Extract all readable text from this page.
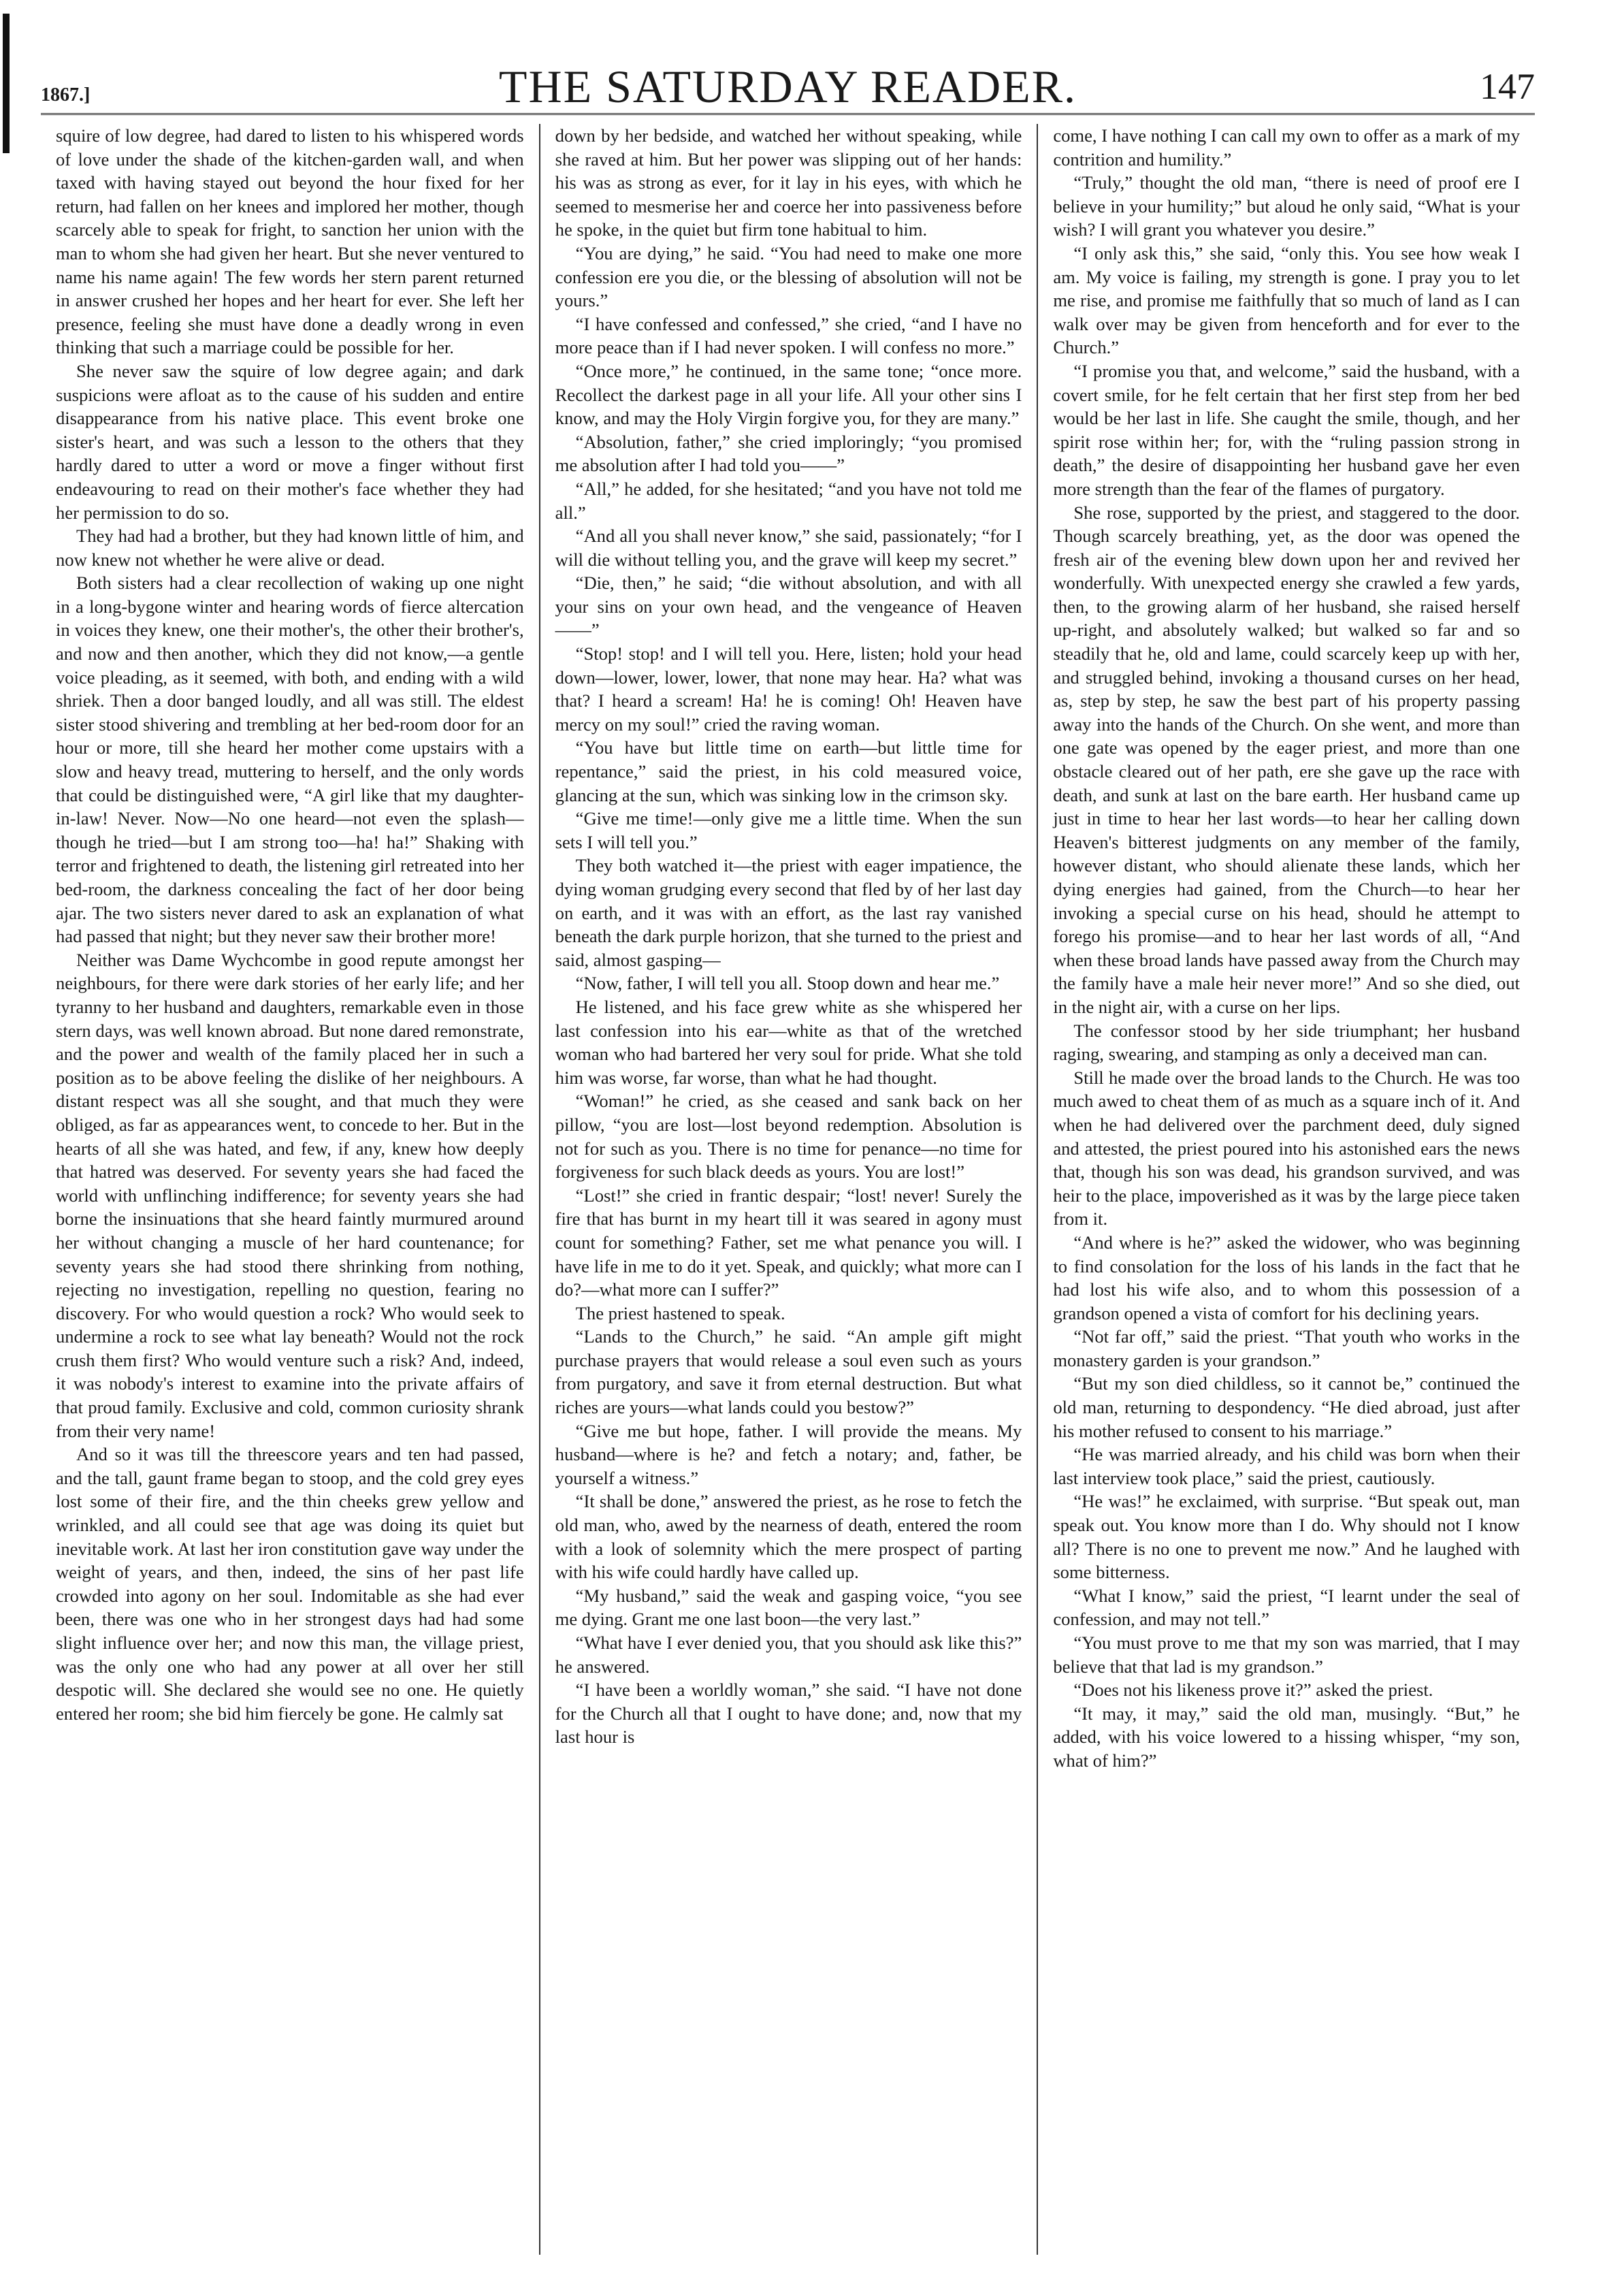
1867.]	THE SATURDAY READER.	147

squire of low degree, had dared to listen to his whispered words of love under the shade of the kitchen-garden wall, and when taxed with having stayed out beyond the hour fixed for her return, had fallen on her knees and implored her mother, though scarcely able to speak for fright, to sanction her union with the man to whom she had given her heart. But she never ventured to name his name again! The few words her stern parent returned in answer crushed her hopes and her heart for ever. She left her presence, feeling she must have done a deadly wrong in even thinking that such a marriage could be possible for her.

She never saw the squire of low degree again; and dark suspicions were afloat as to the cause of his sudden and entire disappearance from his native place. This event broke one sister's heart, and was such a lesson to the others that they hardly dared to utter a word or move a finger without first endeavouring to read on their mother's face whether they had her permission to do so.

They had had a brother, but they had known little of him, and now knew not whether he were alive or dead.

Both sisters had a clear recollection of waking up one night in a long-bygone winter and hearing words of fierce altercation in voices they knew, one their mother's, the other their brother's, and now and then another, which they did not know,—a gentle voice pleading, as it seemed, with both, and ending with a wild shriek. Then a door banged loudly, and all was still. The eldest sister stood shivering and trembling at her bed-room door for an hour or more, till she heard her mother come upstairs with a slow and heavy tread, muttering to herself, and the only words that could be distinguished were, “A girl like that my daughter-in-law! Never. Now—No one heard—not even the splash—though he tried—but I am strong too—ha! ha!” Shaking with terror and frightened to death, the listening girl retreated into her bed-room, the darkness concealing the fact of her door being ajar. The two sisters never dared to ask an explanation of what had passed that night; but they never saw their brother more!

Neither was Dame Wychcombe in good repute amongst her neighbours, for there were dark stories of her early life; and her tyranny to her husband and daughters, remarkable even in those stern days, was well known abroad. But none dared remonstrate, and the power and wealth of the family placed her in such a position as to be above feeling the dislike of her neighbours. A distant respect was all she sought, and that much they were obliged, as far as appearances went, to concede to her. But in the hearts of all she was hated, and few, if any, knew how deeply that hatred was deserved. For seventy years she had faced the world with unflinching indifference; for seventy years she had borne the insinuations that she heard faintly murmured around her without changing a muscle of her hard countenance; for seventy years she had stood there shrinking from nothing, rejecting no investigation, repelling no question, fearing no discovery. For who would question a rock? Who would seek to undermine a rock to see what lay beneath? Would not the rock crush them first? Who would venture such a risk? And, indeed, it was nobody's interest to examine into the private affairs of that proud family. Exclusive and cold, common curiosity shrank from their very name!

And so it was till the threescore years and ten had passed, and the tall, gaunt frame began to stoop, and the cold grey eyes lost some of their fire, and the thin cheeks grew yellow and wrinkled, and all could see that age was doing its quiet but inevitable work. At last her iron constitution gave way under the weight of years, and then, indeed, the sins of her past life crowded into agony on her soul. Indomitable as she had ever been, there was one who in her strongest days had had some slight influence over her; and now this man, the village priest, was the only one who had any power at all over her still despotic will. She declared she would see no one. He quietly entered her room; she bid him fiercely be gone. He calmly sat

down by her bedside, and watched her without speaking, while she raved at him. But her power was slipping out of her hands: his was as strong as ever, for it lay in his eyes, with which he seemed to mesmerise her and coerce her into passiveness before he spoke, in the quiet but firm tone habitual to him.

“You are dying,” he said. “You had need to make one more confession ere you die, or the blessing of absolution will not be yours.”

“I have confessed and confessed,” she cried, “and I have no more peace than if I had never spoken. I will confess no more.”

“Once more,” he continued, in the same tone; “once more. Recollect the darkest page in all your life. All your other sins I know, and may the Holy Virgin forgive you, for they are many.”

“Absolution, father,” she cried imploringly; “you promised me absolution after I had told you——”

“All,” he added, for she hesitated; “and you have not told me all.”

“And all you shall never know,” she said, passionately; “for I will die without telling you, and the grave will keep my secret.”

“Die, then,” he said; “die without absolution, and with all your sins on your own head, and the vengeance of Heaven——”

“Stop! stop! and I will tell you. Here, listen; hold your head down—lower, lower, lower, that none may hear. Ha? what was that? I heard a scream! Ha! he is coming! Oh! Heaven have mercy on my soul!” cried the raving woman.

“You have but little time on earth—but little time for repentance,” said the priest, in his cold measured voice, glancing at the sun, which was sinking low in the crimson sky.

“Give me time!—only give me a little time. When the sun sets I will tell you.”

They both watched it—the priest with eager impatience, the dying woman grudging every second that fled by of her last day on earth, and it was with an effort, as the last ray vanished beneath the dark purple horizon, that she turned to the priest and said, almost gasping—

“Now, father, I will tell you all. Stoop down and hear me.”

He listened, and his face grew white as she whispered her last confession into his ear—white as that of the wretched woman who had bartered her very soul for pride. What she told him was worse, far worse, than what he had thought.

“Woman!” he cried, as she ceased and sank back on her pillow, “you are lost—lost beyond redemption. Absolution is not for such as you. There is no time for penance—no time for forgiveness for such black deeds as yours. You are lost!”

“Lost!” she cried in frantic despair; “lost! never! Surely the fire that has burnt in my heart till it was seared in agony must count for something? Father, set me what penance you will. I have life in me to do it yet. Speak, and quickly; what more can I do?—what more can I suffer?”

The priest hastened to speak.

“Lands to the Church,” he said. “An ample gift might purchase prayers that would release a soul even such as yours from purgatory, and save it from eternal destruction. But what riches are yours—what lands could you bestow?”

“Give me but hope, father. I will provide the means. My husband—where is he? and fetch a notary; and, father, be yourself a witness.”

“It shall be done,” answered the priest, as he rose to fetch the old man, who, awed by the nearness of death, entered the room with a look of solemnity which the mere prospect of parting with his wife could hardly have called up.

“My husband,” said the weak and gasping voice, “you see me dying. Grant me one last boon—the very last.”

“What have I ever denied you, that you should ask like this?” he answered.

“I have been a worldly woman,” she said. “I have not done for the Church all that I ought to have done; and, now that my last hour is

come, I have nothing I can call my own to offer as a mark of my contrition and humility.”

“Truly,” thought the old man, “there is need of proof ere I believe in your humility;” but aloud he only said, “What is your wish? I will grant you whatever you desire.”

“I only ask this,” she said, “only this. You see how weak I am. My voice is failing, my strength is gone. I pray you to let me rise, and promise me faithfully that so much of land as I can walk over may be given from henceforth and for ever to the Church.”

“I promise you that, and welcome,” said the husband, with a covert smile, for he felt certain that her first step from her bed would be her last in life. She caught the smile, though, and her spirit rose within her; for, with the “ruling passion strong in death,” the desire of disappointing her husband gave her even more strength than the fear of the flames of purgatory.

She rose, supported by the priest, and staggered to the door. Though scarcely breathing, yet, as the door was opened the fresh air of the evening blew down upon her and revived her wonderfully. With unexpected energy she crawled a few yards, then, to the growing alarm of her husband, she raised herself up-right, and absolutely walked; but walked so far and so steadily that he, old and lame, could scarcely keep up with her, and struggled behind, invoking a thousand curses on her head, as, step by step, he saw the best part of his property passing away into the hands of the Church. On she went, and more than one gate was opened by the eager priest, and more than one obstacle cleared out of her path, ere she gave up the race with death, and sunk at last on the bare earth. Her husband came up just in time to hear her last words—to hear her calling down Heaven's bitterest judgments on any member of the family, however distant, who should alienate these lands, which her dying energies had gained, from the Church—to hear her invoking a special curse on his head, should he attempt to forego his promise—and to hear her last words of all, “And when these broad lands have passed away from the Church may the family have a male heir never more!” And so she died, out in the night air, with a curse on her lips.

The confessor stood by her side triumphant; her husband raging, swearing, and stamping as only a deceived man can.

Still he made over the broad lands to the Church. He was too much awed to cheat them of as much as a square inch of it. And when he had delivered over the parchment deed, duly signed and attested, the priest poured into his astonished ears the news that, though his son was dead, his grandson survived, and was heir to the place, impoverished as it was by the large piece taken from it.

“And where is he?” asked the widower, who was beginning to find consolation for the loss of his lands in the fact that he had lost his wife also, and to whom this possession of a grandson opened a vista of comfort for his declining years.

“Not far off,” said the priest. “That youth who works in the monastery garden is your grandson.”

“But my son died childless, so it cannot be,” continued the old man, returning to despondency. “He died abroad, just after his mother refused to consent to his marriage.”

“He was married already, and his child was born when their last interview took place,” said the priest, cautiously.

“He was!” he exclaimed, with surprise. “But speak out, man speak out. You know more than I do. Why should not I know all? There is no one to prevent me now.” And he laughed with some bitterness.

“What I know,” said the priest, “I learnt under the seal of confession, and may not tell.”

“You must prove to me that my son was married, that I may believe that that lad is my grandson.”

“Does not his likeness prove it?” asked the priest.

“It may, it may,” said the old man, musingly. “But,” he added, with his voice lowered to a hissing whisper, “my son, what of him?”
